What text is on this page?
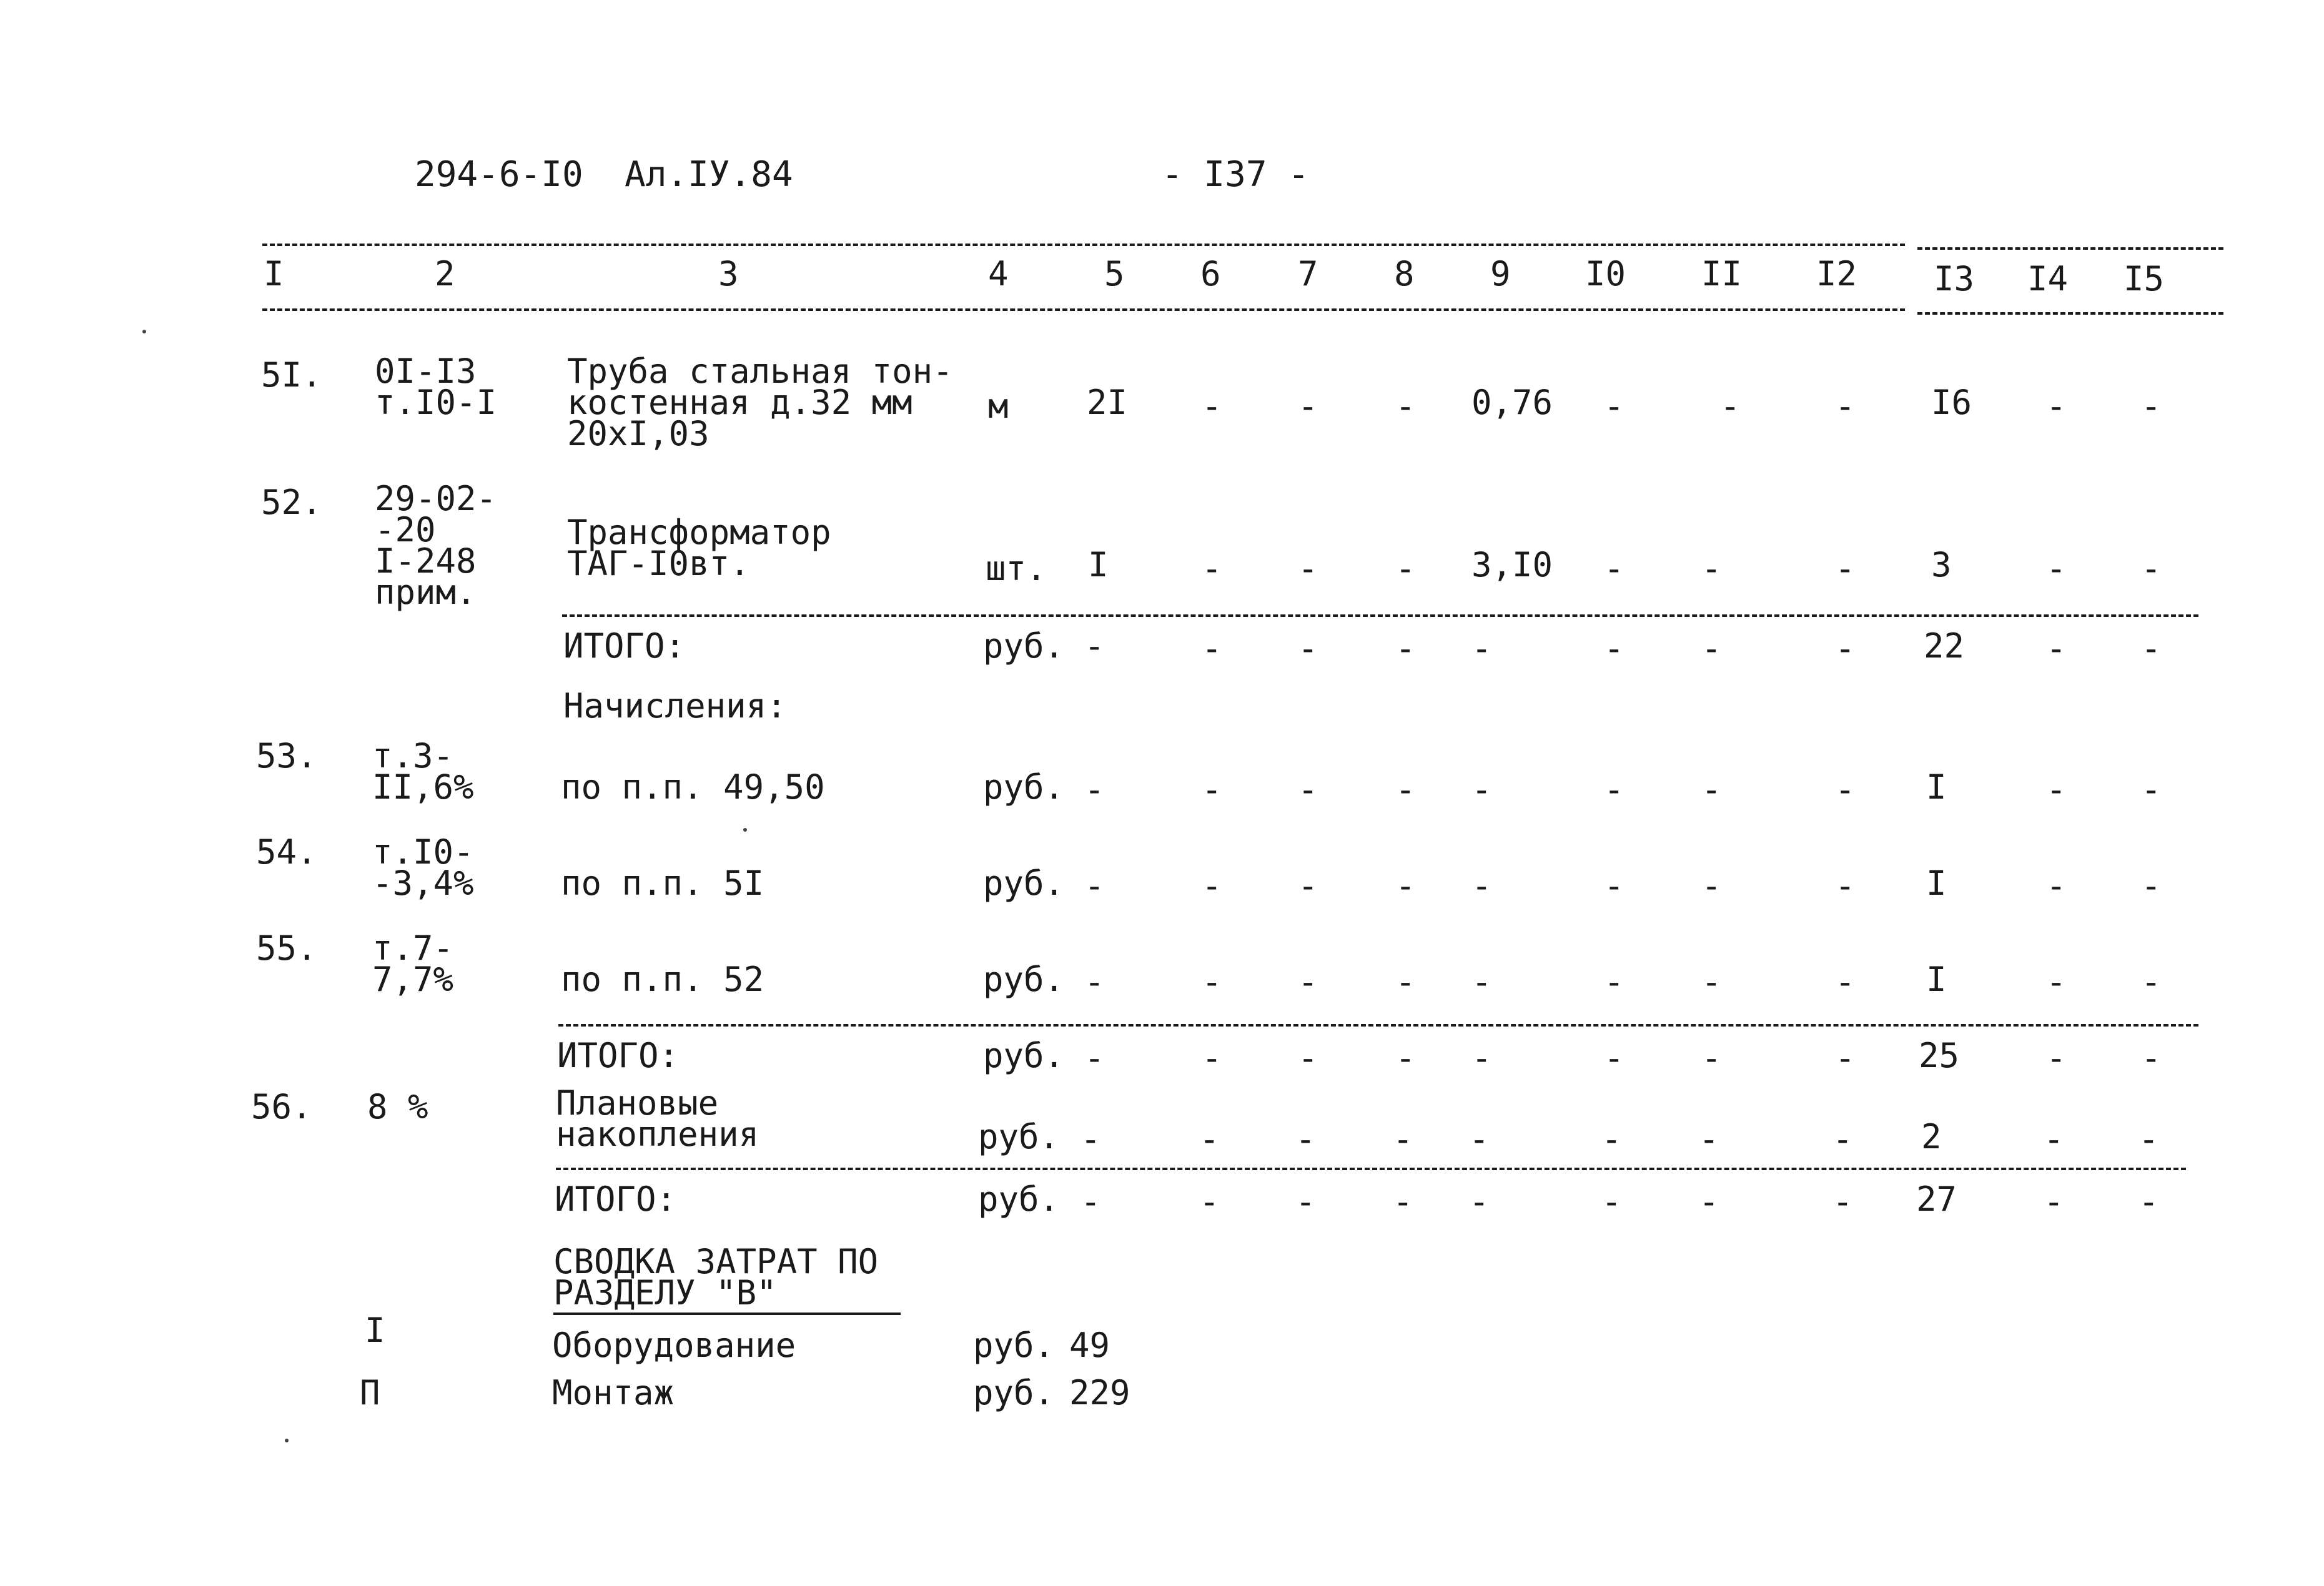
294-6-I0 Ал.IУ.84	- I37 -
I	2	3	4	5 6 7 8 9 I0 II I2 I3 I4 I5
5I. 0I-I3
т.I0-I
Труба стальная тон-
костенная д.32 мм
20хI,03
м 2I - - - 0,76 -	-	- I6 - -
52. 29-02-
-20
I-248
прим.
Трансформатор
ТАГ-I0вт.	шт. I	- - - 3,I0 - -	- 3	- -
ИТОГО:	руб. -	- - - -	- -	- 22 - -
Начисления:
53. т.3-
II,6%	по п.п. 49,50	руб. -	- - - -	- -	- I	- -
54. т.I0-
-3,4%	по п.п. 5I	руб. -	- - - -	- -	- I	- -
55. т.7-
7,7%	по п.п. 52	руб. -	- - - -	- -	- I	- -
ИТОГО:	руб. -	- - - -	- -	- 25	- -
56. 8 %	Плановые
накопления	руб. -	- - - -	- -	- 2	- -
ИТОГО:	руб. -	- - - -	- -	- 27	- -
СВОДКА ЗАТРАТ ПО
РАЗДЕЛУ "В"
I	Оборудование	руб. 49
П	Монтаж	руб. 229
